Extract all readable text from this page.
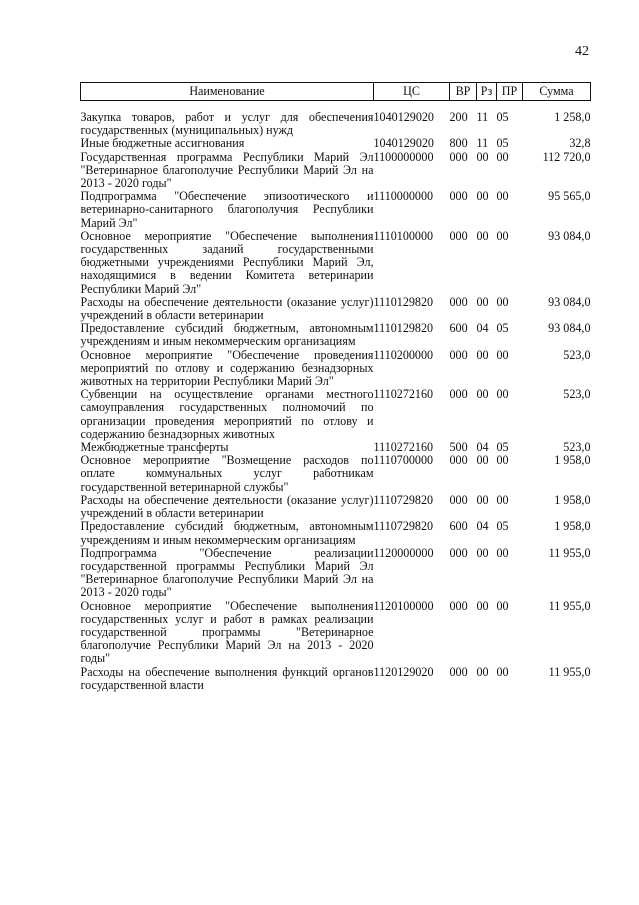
42
Наименование	ЦС	ВР	Рз	ПР	Сумма

Закупка товаров, работ и услуг для обеспечения государственных (муниципальных) нужд	1040129020	200	11	05	1 258,0
Иные бюджетные ассигнования	1040129020	800	11	05	32,8
Государственная программа Республики Марий Эл "Ветеринарное благополучие Республики Марий Эл на 2013 - 2020 годы"	1100000000	000	00	00	112 720,0
Подпрограмма "Обеспечение эпизоотического и ветеринарно-санитарного благополучия Республики Марий Эл"	1110000000	000	00	00	95 565,0
Основное мероприятие "Обеспечение выполнения государственных заданий государственными бюджетными учреждениями Республики Марий Эл, находящимися в ведении Комитета ветеринарии Республики Марий Эл"	1110100000	000	00	00	93 084,0
Расходы на обеспечение деятельности (оказание услуг) учреждений в области ветеринарии	1110129820	000	00	00	93 084,0
Предоставление субсидий бюджетным, автономным учреждениям и иным некоммерческим организациям	1110129820	600	04	05	93 084,0
Основное мероприятие "Обеспечение проведения мероприятий по отлову и содержанию безнадзорных животных на территории Республики Марий Эл"	1110200000	000	00	00	523,0
Субвенции на осуществление органами местного самоуправления государственных полномочий по организации проведения мероприятий по отлову и содержанию безнадзорных животных	1110272160	000	00	00	523,0
Межбюджетные трансферты	1110272160	500	04	05	523,0
Основное мероприятие "Возмещение расходов по оплате коммунальных услуг работникам государственной ветеринарной службы"	1110700000	000	00	00	1 958,0
Расходы на обеспечение деятельности (оказание услуг) учреждений в области ветеринарии	1110729820	000	00	00	1 958,0
Предоставление субсидий бюджетным, автономным учреждениям и иным некоммерческим организациям	1110729820	600	04	05	1 958,0
Подпрограмма "Обеспечение реализации государственной программы Республики Марий Эл "Ветеринарное благополучие Республики Марий Эл на 2013 - 2020 годы"	1120000000	000	00	00	11 955,0
Основное мероприятие "Обеспечение выполнения государственных услуг и работ в рамках реализации государственной программы "Ветеринарное благополучие Республики Марий Эл на 2013 - 2020 годы"	1120100000	000	00	00	11 955,0
Расходы на обеспечение выполнения функций органов государственной власти	1120129020	000	00	00	11 955,0
